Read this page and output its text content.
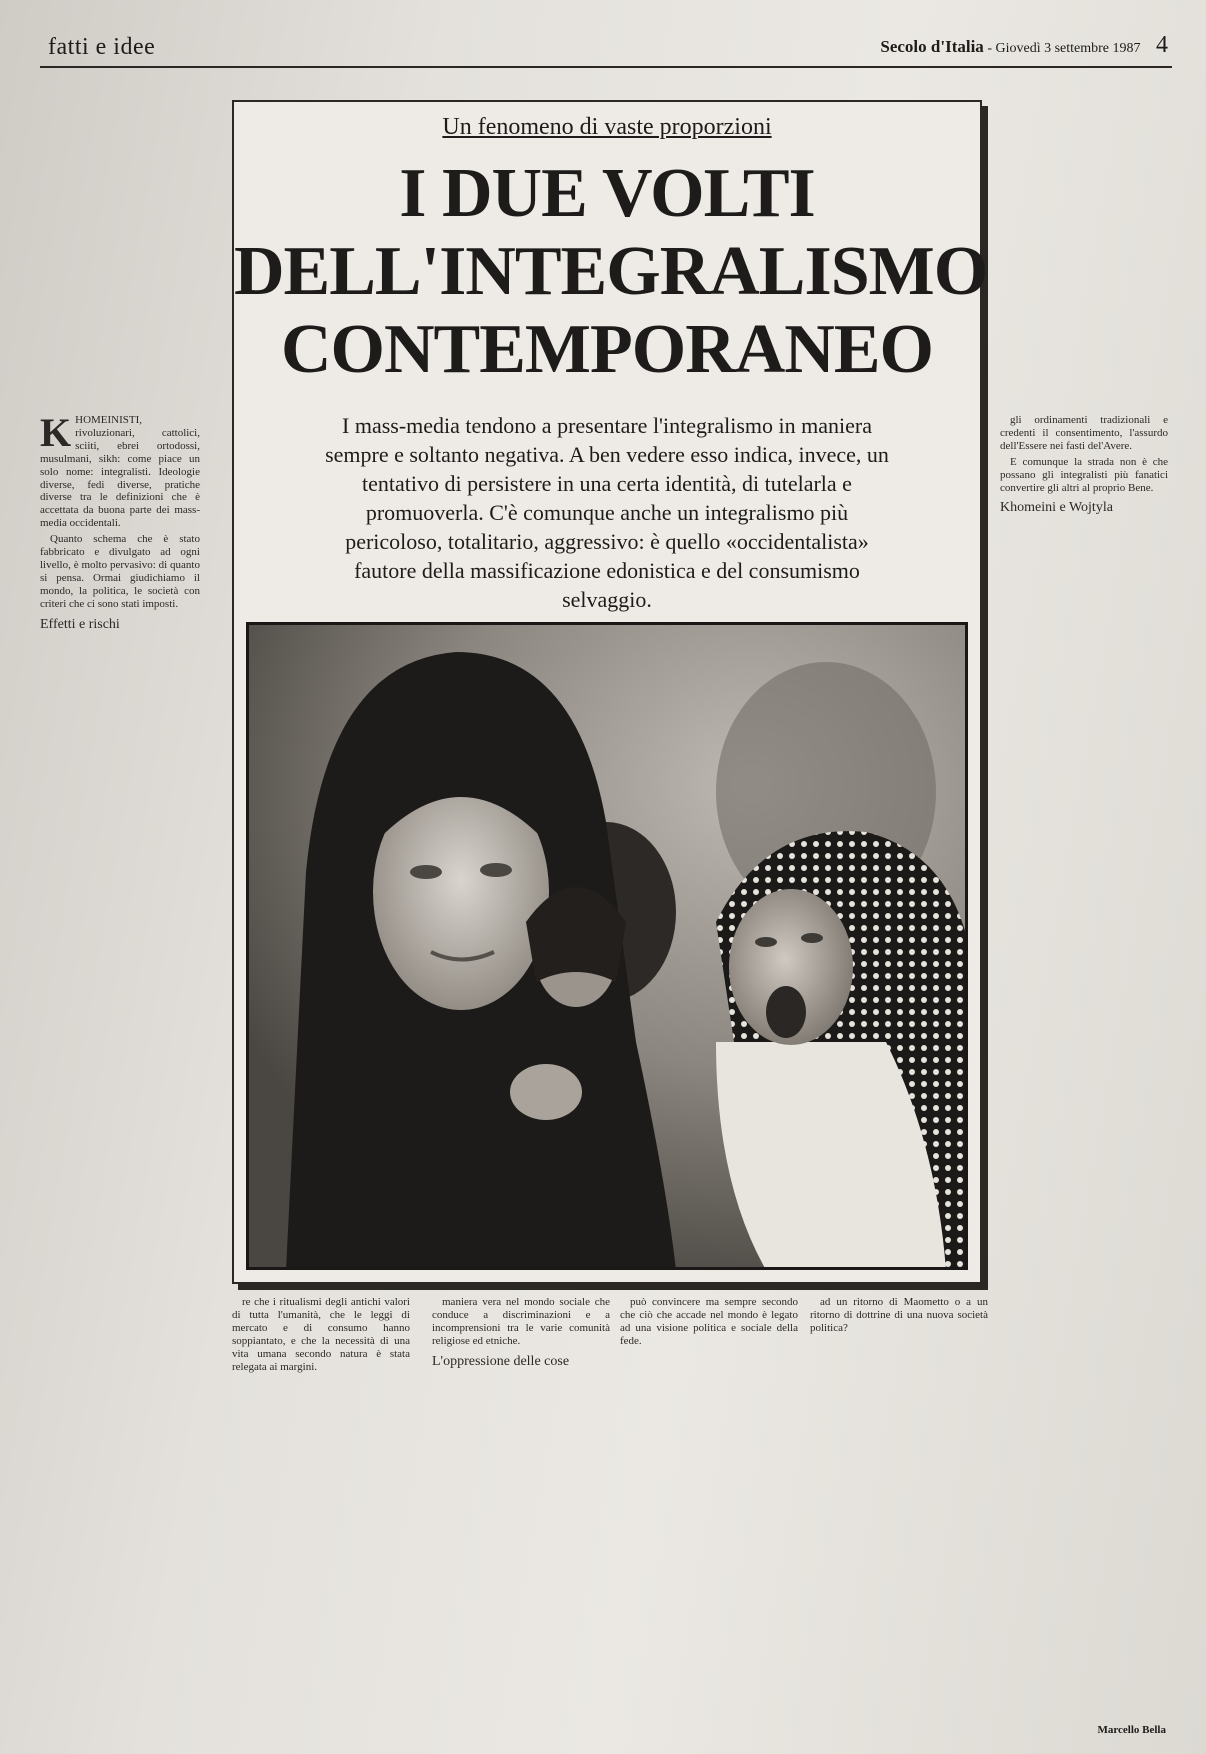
fatti e idee	Secolo d'Italia - Giovedì 3 settembre 1987 4
Un fenomeno di vaste proporzioni
I DUE VOLTI
DELL'INTEGRALISMO
CONTEMPORANEO
I mass-media tendono a presentare l'integralismo in maniera sempre e soltanto negativa. A ben vedere esso indica, invece, un tentativo di persistere in una certa identità, di tutelarla e promuoverla. C'è comunque anche un integralismo più pericoloso, totalitario, aggressivo: è quello «occidentalista» fautore della massificazione edonistica e del consumismo selvaggio.

KHOMEINISTI, rivoluzionari, cattolici, sciiti, ebrei ortodossi, musulmani, sikh: come piace un solo nome: integralisti. Ideologie diverse, fedi diverse, pratiche diverse tra le definizioni che è accettata da buona parte dei mass-media occidentali.

Quanto schema che è stato fabbricato e divulgato ad ogni livello, è molto pervasivo: di quanto si pensa. Ormai giudichiamo il mondo, la politica, le società con criteri che ci sono stati imposti.

Effetti e rischi

gli ordinamenti tradizionali e credenti il consentimento, l'assurdo dell'Essere nei fasti del'Avere.

E comunque la strada non è che possano gli integralisti più fanatici convertire gli altri al proprio Bene.

Khomeini e Wojtyla

re che i ritualismi degli antichi valori di tutta l'umanità, che le leggi di mercato e di consumo hanno soppiantato, e che la necessità di una vita umana secondo natura è stata relegata ai margini.

maniera vera nel mondo sociale che conduce a discriminazioni e a incomprensioni tra le varie comunità religiose ed etniche.

L'oppressione delle cose

può convincere ma sempre secondo che ciò che accade nel mondo è legato ad una visione politica e sociale della fede.

ad un ritorno di Maometto o a un ritorno di dottrine di una nuova società politica?

Marcello Bella
